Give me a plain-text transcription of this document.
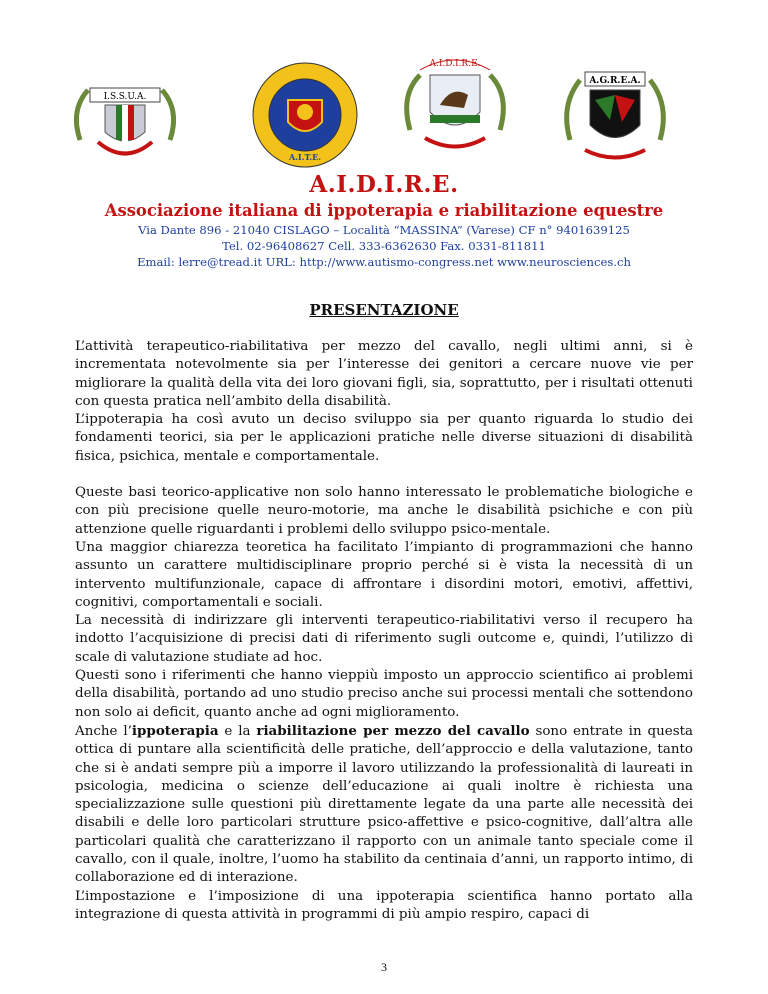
I.S.S.U.A.
A.I.T.E.
A.I.D.I.R.E.
A.G.R.E.A.
A.I.D.I.R.E.
Associazione italiana di ippoterapia e riabilitazione equestre
Via Dante 896 - 21040 CISLAGO – Località “MASSINA” (Varese) CF n° 9401639125
Tel. 02-96408627 Cell. 333-6362630 Fax. 0331-811811
Email: lerre@tread.it URL: http://www.autismo-congress.net www.neurosciences.ch
PRESENTAZIONE

L’attività terapeutico-riabilitativa per mezzo del cavallo, negli ultimi anni, si è incrementata notevolmente sia per l’interesse dei genitori a cercare nuove vie per migliorare la qualità della vita dei loro giovani figli, sia, soprattutto, per i risultati ottenuti con questa pratica nell’ambito della disabilità.

L’ippoterapia ha così avuto un deciso sviluppo sia per quanto riguarda lo studio dei fondamenti teorici, sia per le applicazioni pratiche nelle diverse situazioni di disabilità fisica, psichica, mentale e comportamentale.

Queste basi teorico-applicative non solo hanno interessato le problematiche biologiche e con più precisione quelle neuro-motorie, ma anche le disabilità psichiche e con più attenzione quelle riguardanti i problemi dello sviluppo psico-mentale.

Una maggior chiarezza teoretica ha facilitato l’impianto di programmazioni che hanno assunto un carattere multidisciplinare proprio perché si è vista la necessità di un intervento multifunzionale, capace di affrontare i disordini motori, emotivi, affettivi, cognitivi, comportamentali e sociali.

La necessità di indirizzare gli interventi terapeutico-riabilitativi verso il recupero ha indotto l’acquisizione di precisi dati di riferimento sugli outcome e, quindi, l’utilizzo di scale di valutazione studiate ad hoc.

Questi sono i riferimenti che hanno vieppiù imposto un approccio scientifico ai problemi della disabilità, portando ad uno studio preciso anche sui processi mentali che sottendono non solo ai deficit, quanto anche ad ogni miglioramento.

Anche l’ippoterapia e la riabilitazione per mezzo del cavallo sono entrate in questa ottica di puntare alla scientificità delle pratiche, dell’approccio e della valutazione, tanto che si è andati sempre più a imporre il lavoro utilizzando la professionalità di laureati in psicologia, medicina o scienze dell’educazione ai quali inoltre è richiesta una specializzazione sulle questioni più direttamente legate da una parte alle necessità dei disabili e delle loro particolari strutture psico-affettive e psico-cognitive, dall’altra alle particolari qualità che caratterizzano il rapporto con un animale tanto speciale come il cavallo, con il quale, inoltre, l’uomo ha stabilito da centinaia d’anni, un rapporto intimo, di collaborazione ed di interazione.

L’impostazione e l’imposizione di una ippoterapia scientifica hanno portato alla integrazione di questa attività in programmi di più ampio respiro, capaci di

3
